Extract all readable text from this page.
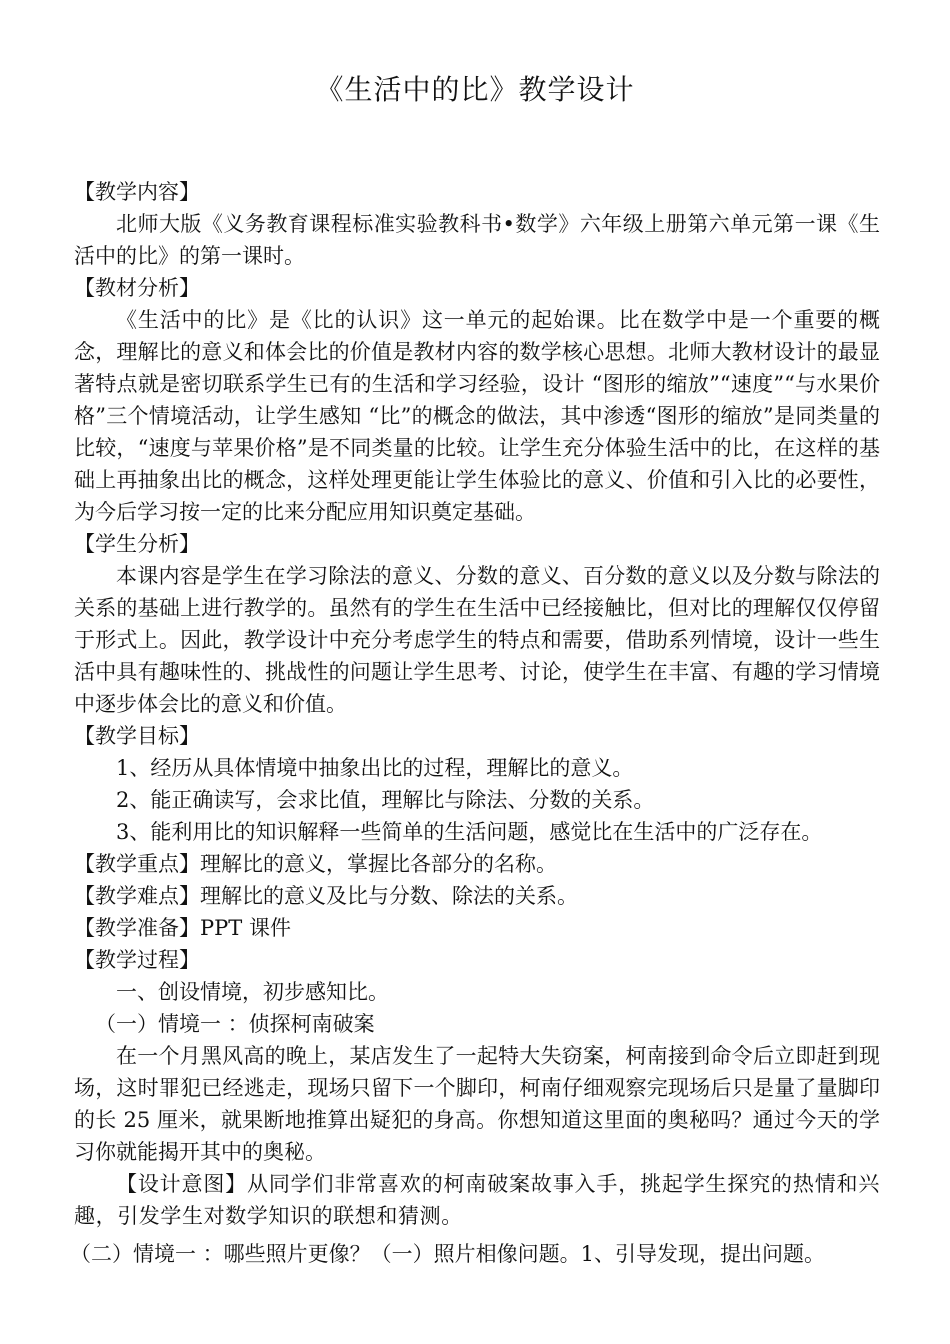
《生活中的比》教学设计

【教学内容】

北师大版《义务教育课程标准实验教科书•数学》六年级上册第六单元第一课《生活中的比》的第一课时。

【教材分析】

《生活中的比》是《比的认识》这一单元的起始课。比在数学中是一个重要的概念，理解比的意义和体会比的价值是教材内容的数学核心思想。北师大教材设计的最显著特点就是密切联系学生已有的生活和学习经验，设计 “图形的缩放”“速度”“与水果价格”三个情境活动，让学生感知 “比”的概念的做法，其中渗透“图形的缩放”是同类量的比较，“速度与苹果价格”是不同类量的比较。让学生充分体验生活中的比，在这样的基础上再抽象出比的概念，这样处理更能让学生体验比的意义、价值和引入比的必要性，为今后学习按一定的比来分配应用知识奠定基础。

【学生分析】

本课内容是学生在学习除法的意义、分数的意义、百分数的意义以及分数与除法的关系的基础上进行教学的。虽然有的学生在生活中已经接触比，但对比的理解仅仅停留于形式上。因此，教学设计中充分考虑学生的特点和需要，借助系列情境，设计一些生活中具有趣味性的、挑战性的问题让学生思考、讨论，使学生在丰富、有趣的学习情境中逐步体会比的意义和价值。

【教学目标】

1、经历从具体情境中抽象出比的过程，理解比的意义。

2、能正确读写，会求比值，理解比与除法、分数的关系。

3、能利用比的知识解释一些简单的生活问题，感觉比在生活中的广泛存在。

【教学重点】理解比的意义，掌握比各部分的名称。

【教学难点】理解比的意义及比与分数、除法的关系。

【教学准备】PPT 课件

【教学过程】

一、创设情境，初步感知比。

（一）情境一 ：侦探柯南破案

在一个月黑风高的晚上，某店发生了一起特大失窃案，柯南接到命令后立即赶到现场，这时罪犯已经逃走，现场只留下一个脚印，柯南仔细观察完现场后只是量了量脚印的长 25 厘米，就果断地推算出疑犯的身高。你想知道这里面的奥秘吗？通过今天的学习你就能揭开其中的奥秘。

【设计意图】从同学们非常喜欢的柯南破案故事入手，挑起学生探究的热情和兴趣，引发学生对数学知识的联想和猜测。

（二）情境一 ：哪些照片更像？（一）照片相像问题。1、引导发现，提出问题。
